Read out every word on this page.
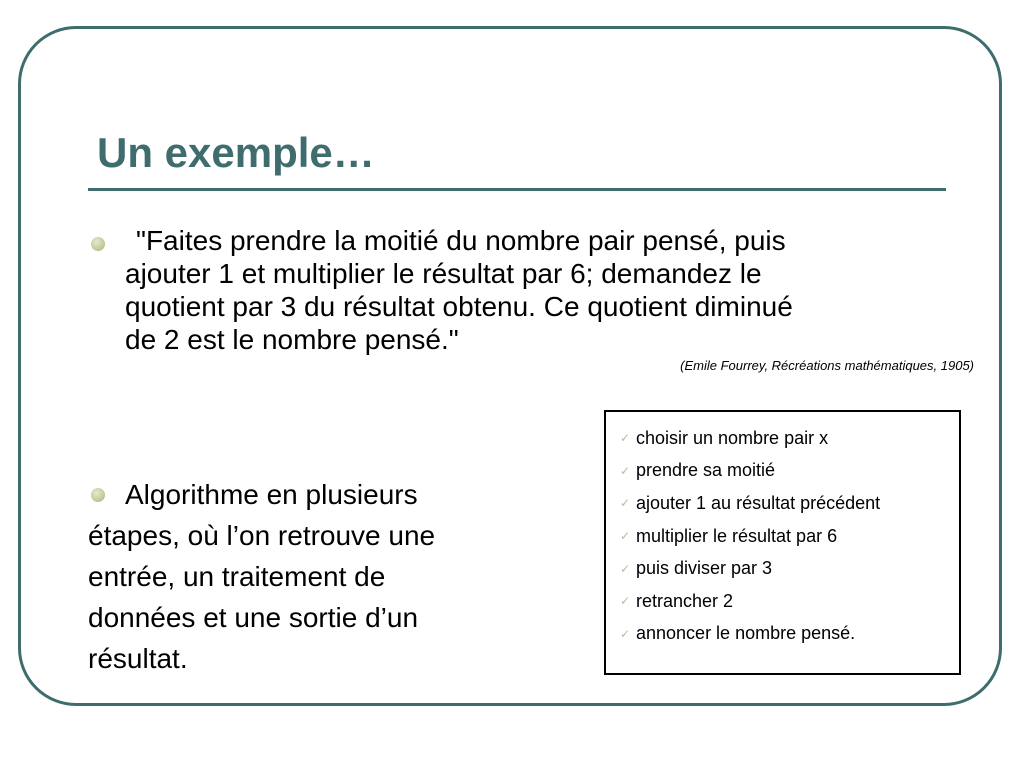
Un exemple…

"Faites prendre la moitié du nombre pair pensé, puis
ajouter 1 et multiplier le résultat par 6; demandez le
quotient par 3 du résultat obtenu. Ce quotient diminué
de 2 est le nombre pensé."

(Emile Fourrey, Récréations mathématiques, 1905)

Algorithme en plusieurs
étapes, où l’on retrouve une
entrée, un traitement de
données et une sortie d’un
résultat.

✓ choisir un nombre pair x
✓ prendre sa moitié
✓ ajouter 1 au résultat précédent
✓ multiplier le résultat par 6
✓ puis diviser par 3
✓ retrancher 2
✓ annoncer le nombre pensé.
